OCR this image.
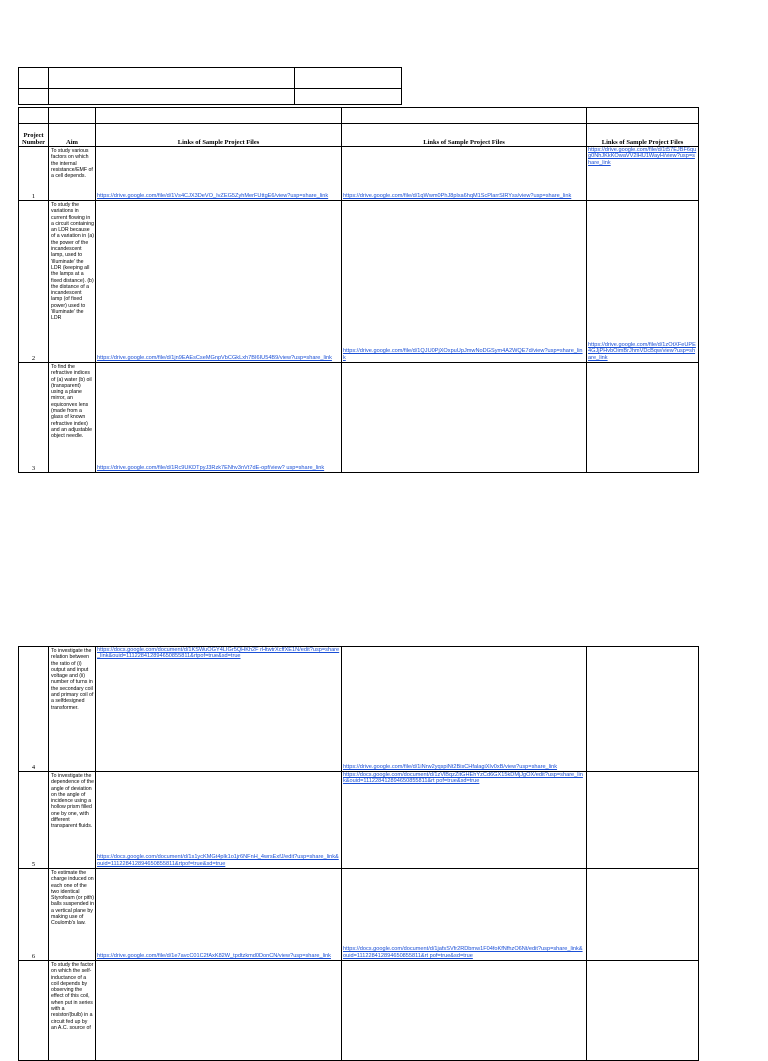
Project Number	Aim	Links of Sample Project Files	Links of Sample Project Files	Links of Sample Project Files
1	To study various factors on which the internal resistance/EMF of a cell depends.	https://drive.google.com/file/d/1Vs4CJX3DeVO_IvZEG5ZyhMerFUttgE6/view?usp=share_link	https://drive.google.com/file/d/1qWwm0PhJ8plxa6hqM1ScPlarrSIRYss/view?usp=share_link	https://drive.google.com/file/d/1t57EJBF6qug0NhJKkKOwaVV2lHU1WayH/view?usp=share_link
2	To study the variations in current flowing in a circuit containing an LDR because of a variation in (a) the power of the incandescent lamp, used to 'illuminate' the LDR (keeping all the lamps at a fixed distance). (b) the distance of a incandescent lamp (of fixed power) used to 'illuminate' the LDR	https://drive.google.com/file/d/1jn9EAEsCseMGnpVbCGkLxh7BI6IU54B9/view?usp=share_link	https://drive.google.com/file/d/1QJU0PjXOxpuUpJmwNoDGSym4A2WQE7d/view?usp=share_link	https://drive.google.com/file/d/1zOtXFeUPE4GJjPHvbOimBrJhmVDcBqw/view?usp=share_link
3	To find the refractive indices of (a) water (b) oil (transparent) using a plane mirror, an equiconvex lens (made from a glass of known refractive index) and an adjustable object needle.	https://drive.google.com/file/d/1Rc9UKDTpyJ3Rzk7ENhv3nVt7dE-opf/view? usp=share_link		
4	To investigate the relation between the ratio of (i) output and input voltage and (ii) number of turns in the secondary coil and primary coil of a selfdesigned transformer.	https://docs.google.com/document/d/1KSWuOGY4LIGr5QHKh2F rHtwtrXcffXE1N/edit?usp=share_link&ouid=111228412894650855811&rtpof=true&sd=true	https://drive.google.com/file/d/1iNrw2yqspiNt2BisCHfalagiXIv0xB/view?usp=share_link	
5	To investigate the dependence of the angle of deviation on the angle of incidence using a hollow prism filled one by one, with different transparent fluids.	https://docs.google.com/document/d/1s1ycKMGt4plk1o1jr6NFnH_4wrsExfJ/edit?usp=share_link&ouid=111228412894650855811&rtpof=true&sd=true	https://docs.google.com/document/d/1zVlBqzZitGHEhYzCd6GX15kDMjJgOX/edit?usp=share_link&ouid=111228412894650855811&rt pof=true&sd=true	
6	To estimate the charge induced on each one of the two identical Styrofoam (or pith) balls suspended in a vertical plane by making use of Coulomb's law.	https://drive.google.com/file/d/1e7avcC01C2fAxK82W_tpdtzkmd0DonCN/view?usp=share_link	https://docs.google.com/document/d/1jafsSVfr2RDbmw1F04foKfNfhzO6Nt/edit?usp=share_link&ouid=111228412894650855811&rt pof=true&sd=true	
	To study the factor on which the self-inductance of a coil depends by observing the effect of this coil, when put in series with a resistor/(bulb) in a circuit fed up by an A.C. source of			
